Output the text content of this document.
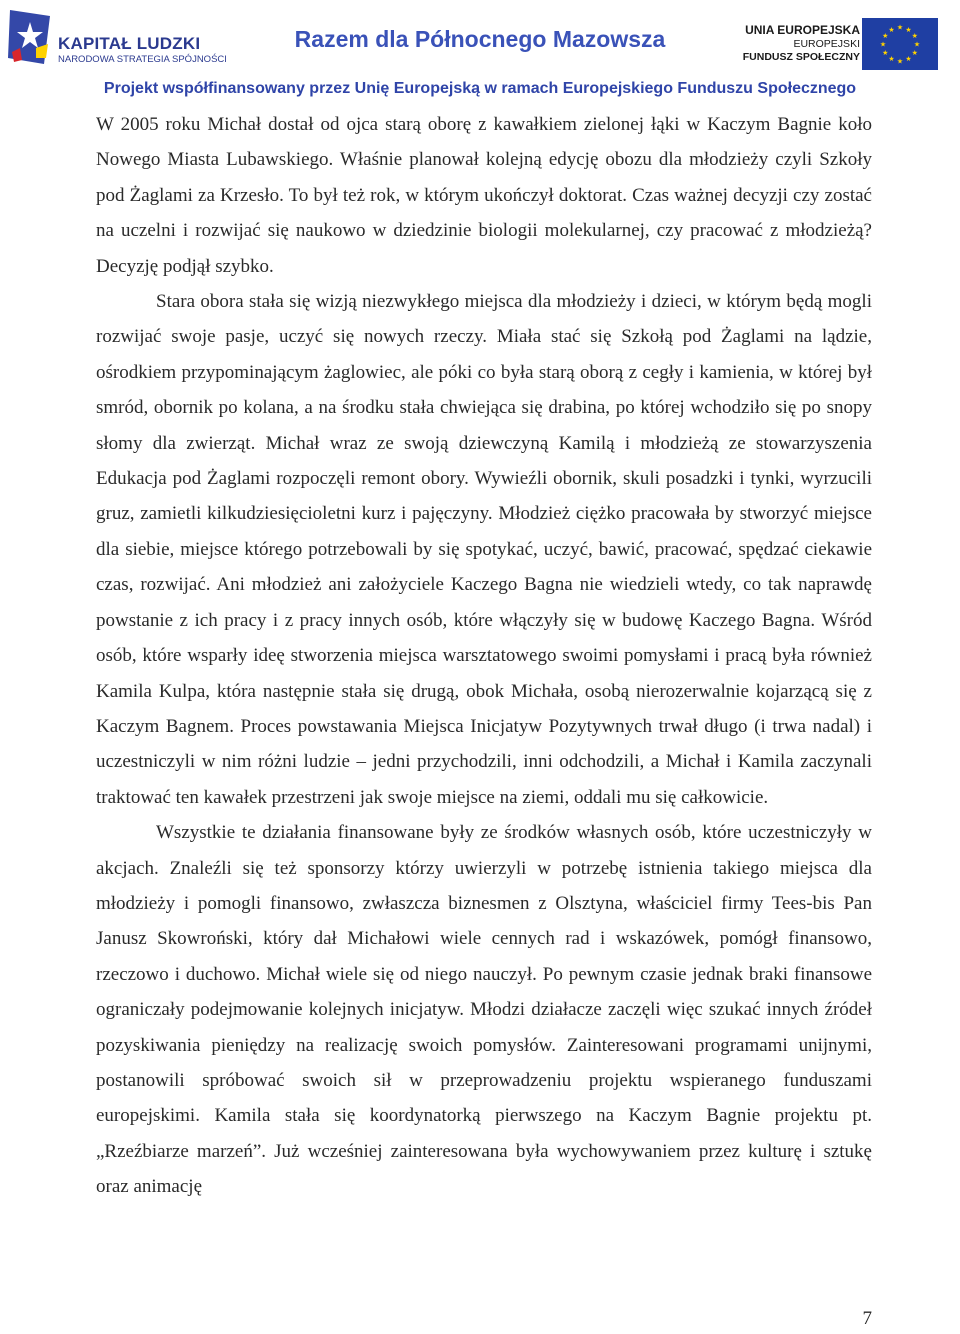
KAPITAŁ LUDZKI
NARODOWA STRATEGIA SPÓJNOŚCI
Razem dla Północnego Mazowsza	UNIA EUROPEJSKA
EUROPEJSKI
FUNDUSZ SPOŁECZNY
★
★
★
★
★
★
★
★
★ ★ ★
★
Projekt współfinansowany przez Unię Europejską w ramach Europejskiego Funduszu Społecznego

W 2005 roku Michał dostał od ojca starą oborę z kawałkiem zielonej łąki w Kaczym Bagnie koło Nowego Miasta Lubawskiego. Właśnie planował kolejną edycję obozu dla młodzieży czyli Szkoły pod Żaglami za Krzesło. To był też rok, w którym ukończył doktorat. Czas ważnej decyzji czy zostać na uczelni i rozwijać się naukowo w dziedzinie biologii molekularnej, czy pracować z młodzieżą? Decyzję podjął szybko.

Stara obora stała się wizją niezwykłego miejsca dla młodzieży i dzieci, w którym będą mogli rozwijać swoje pasje, uczyć się nowych rzeczy. Miała stać się Szkołą pod Żaglami na lądzie, ośrodkiem przypominającym żaglowiec, ale póki co była starą oborą z cegły i kamienia, w której był smród, obornik po kolana, a na środku stała chwiejąca się drabina, po której wchodziło się po snopy słomy dla zwierząt. Michał wraz ze swoją dziewczyną Kamilą i młodzieżą ze stowarzyszenia Edukacja pod Żaglami rozpoczęli remont obory. Wywieźli obornik, skuli posadzki i tynki, wyrzucili gruz, zamietli kilkudziesięcioletni kurz i pajęczyny. Młodzież ciężko pracowała by stworzyć miejsce dla siebie, miejsce którego potrzebowali by się spotykać, uczyć, bawić, pracować, spędzać ciekawie czas, rozwijać. Ani młodzież ani założyciele Kaczego Bagna nie wiedzieli wtedy, co tak naprawdę powstanie z ich pracy i z pracy innych osób, które włączyły się w budowę Kaczego Bagna. Wśród osób, które wsparły ideę stworzenia miejsca warsztatowego swoimi pomysłami i pracą była również Kamila Kulpa, która następnie stała się drugą, obok Michała, osobą nierozerwalnie kojarzącą się z Kaczym Bagnem. Proces powstawania Miejsca Inicjatyw Pozytywnych trwał długo (i trwa nadal) i uczestniczyli w nim różni ludzie – jedni przychodzili, inni odchodzili, a Michał i Kamila zaczynali traktować ten kawałek przestrzeni jak swoje miejsce na ziemi, oddali mu się całkowicie.

Wszystkie te działania finansowane były ze środków własnych osób, które uczestniczyły w akcjach. Znaleźli się też sponsorzy którzy uwierzyli w potrzebę istnienia takiego miejsca dla młodzieży i pomogli finansowo, zwłaszcza biznesmen z Olsztyna, właściciel firmy Tees-bis Pan Janusz Skowroński, który dał Michałowi wiele cennych rad i wskazówek, pomógł finansowo, rzeczowo i duchowo. Michał wiele się od niego nauczył. Po pewnym czasie jednak braki finansowe ograniczały podejmowanie kolejnych inicjatyw. Młodzi działacze zaczęli więc szukać innych źródeł pozyskiwania pieniędzy na realizację swoich pomysłów. Zainteresowani programami unijnymi, postanowili spróbować swoich sił w przeprowadzeniu projektu wspieranego funduszami europejskimi. Kamila stała się koordynatorką pierwszego na Kaczym Bagnie projektu pt. „Rzeźbiarze marzeń”. Już wcześniej zainteresowana była wychowywaniem przez kulturę i sztukę oraz animację

7
